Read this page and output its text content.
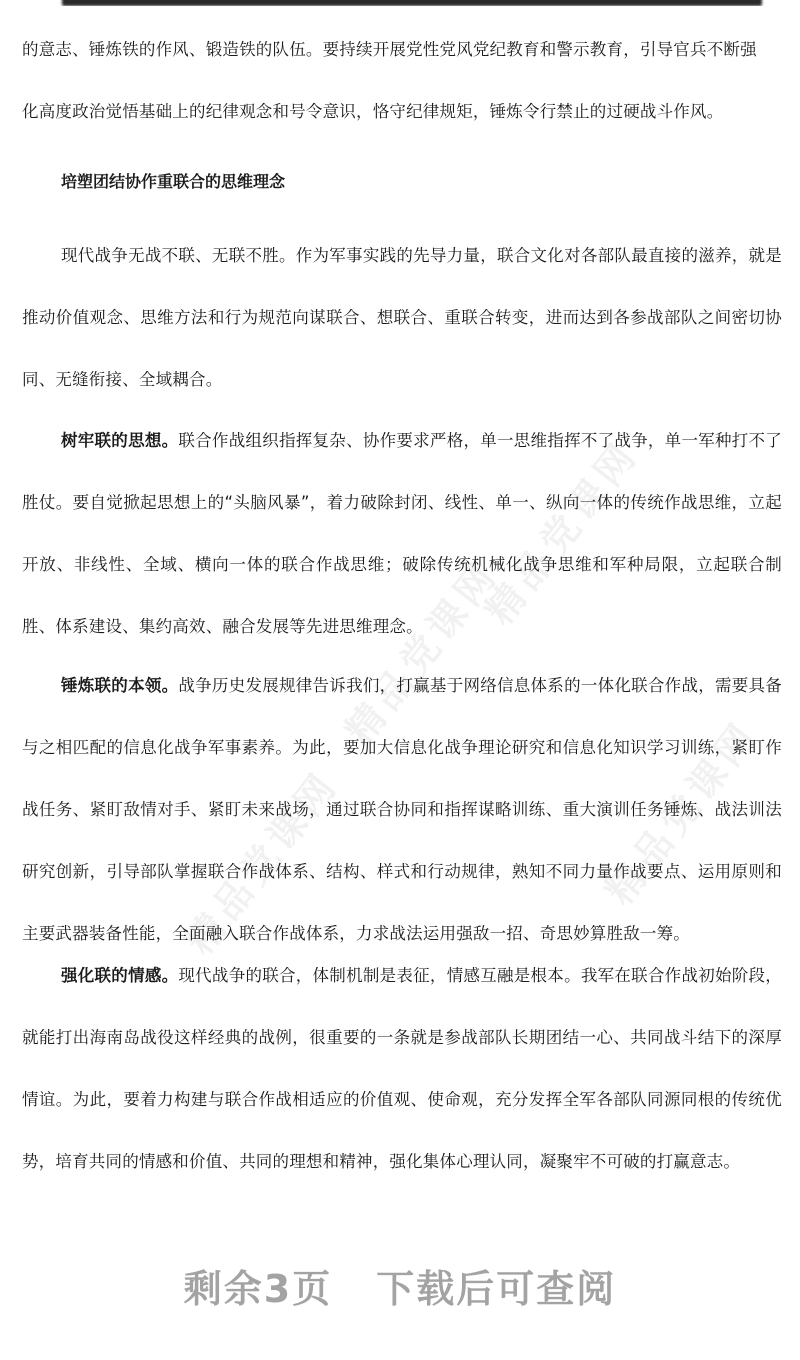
精品党课网
精品党课网
精品党课网	精品党课网

的意志、锤炼铁的作风、锻造铁的队伍。要持续开展党性党风党纪教育和警示教育，引导官兵不断强
化高度政治觉悟基础上的纪律观念和号令意识，恪守纪律规矩，锤炼令行禁止的过硬战斗作风。

培塑团结协作重联合的思维理念

现代战争无战不联、无联不胜。作为军事实践的先导力量，联合文化对各部队最直接的滋养，就是推动价值观念、思维方法和行为规范向谋联合、想联合、重联合转变，进而达到各参战部队之间密切协同、无缝衔接、全域耦合。

树牢联的思想。联合作战组织指挥复杂、协作要求严格，单一思维指挥不了战争，单一军种打不了胜仗。要自觉掀起思想上的“头脑风暴”，着力破除封闭、线性、单一、纵向一体的传统作战思维，立起开放、非线性、全域、横向一体的联合作战思维；破除传统机械化战争思维和军种局限，立起联合制胜、体系建设、集约高效、融合发展等先进思维理念。

锤炼联的本领。战争历史发展规律告诉我们，打赢基于网络信息体系的一体化联合作战，需要具备与之相匹配的信息化战争军事素养。为此，要加大信息化战争理论研究和信息化知识学习训练，紧盯作战任务、紧盯敌情对手、紧盯未来战场，通过联合协同和指挥谋略训练、重大演训任务锤炼、战法训法研究创新，引导部队掌握联合作战体系、结构、样式和行动规律，熟知不同力量作战要点、运用原则和主要武器装备性能，全面融入联合作战体系，力求战法运用强敌一招、奇思妙算胜敌一筹。

强化联的情感。现代战争的联合，体制机制是表征，情感互融是根本。我军在联合作战初始阶段，就能打出海南岛战役这样经典的战例，很重要的一条就是参战部队长期团结一心、共同战斗结下的深厚情谊。为此，要着力构建与联合作战相适应的价值观、使命观，充分发挥全军各部队同源同根的传统优势，培育共同的情感和价值、共同的理想和精神，强化集体心理认同，凝聚牢不可破的打赢意志。

剩余3页 下载后可查阅
